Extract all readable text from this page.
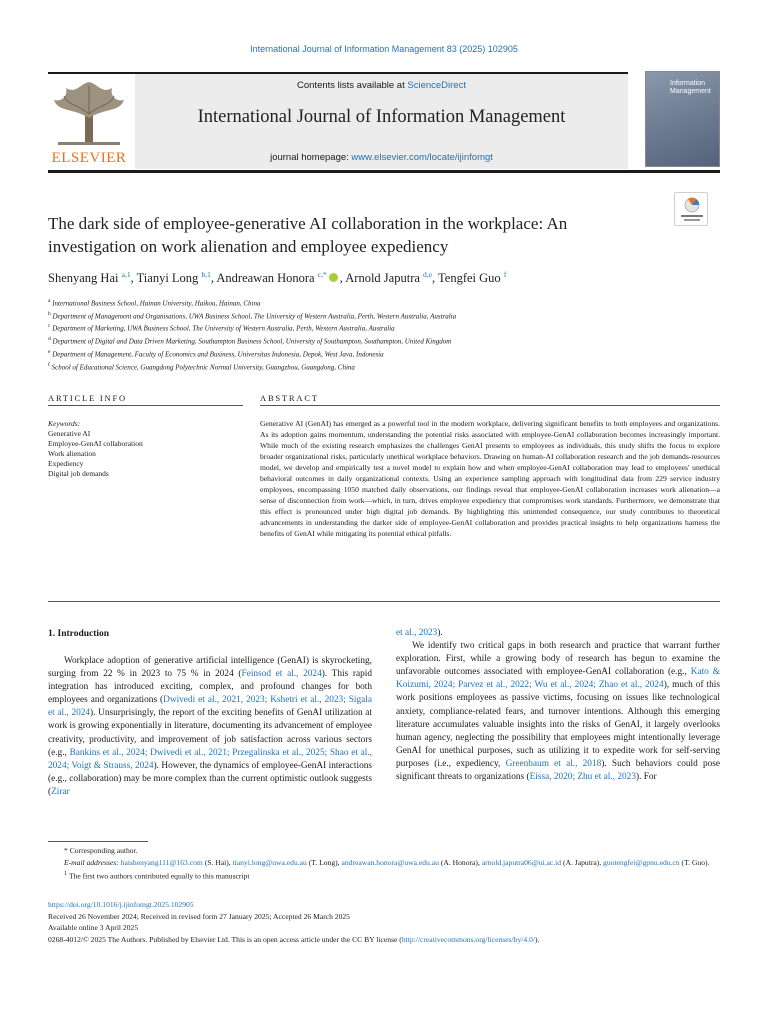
International Journal of Information Management 83 (2025) 102905
ELSEVIER
Contents lists available at ScienceDirect
International Journal of Information Management
journal homepage: www.elsevier.com/locate/ijinfomgt
Information Management
The dark side of employee-generative AI collaboration in the workplace: An investigation on work alienation and employee expediency
Shenyang Hai $^{a,1}$, Tianyi Long $^{b,1}$, Andreawan Honora $^{c,*}$ , Arnold Japutra $^{d,e}$, Tengfei Guo $^f$
$^a$ International Business School, Hainan University, Haikou, Hainan, China
$^b$ Department of Management and Organisations, UWA Business School, The University of Western Australia, Perth, Western Australia, Australia
$^c$ Department of Marketing, UWA Business School, The University of Western Australia, Perth, Western Australia, Australia
$^d$ Department of Digital and Data Driven Marketing, Southampton Business School, University of Southampton, Southampton, United Kingdom
$^e$ Department of Management, Faculty of Economics and Business, Universitas Indonesia, Depok, West Java, Indonesia
$^f$ School of Educational Science, Guangdong Polytechnic Normal University, Guangzhou, Guangdong, China
ARTICLE INFO	ABSTRACT
Keywords:
Generative AI
Employee-GenAI collaboration
Work alienation
Expediency
Digital job demands
Generative AI (GenAI) has emerged as a powerful tool in the modern workplace, delivering significant benefits to both employees and organizations. As its adoption gains momentum, understanding the potential risks associated with employee-GenAI collaboration becomes increasingly important. While much of the existing research emphasizes the challenges GenAI presents to employees as individuals, this study shifts the focus to explore broader organizational risks, particularly unethical workplace behaviors. Drawing on human-AI collaboration research and the job demands-resources model, we develop and empirically test a novel model to explain how and when employee-GenAI collaboration may lead to employees' unethical behavioral outcomes in daily organizational contexts. Using an experience sampling approach with longitudinal data from 229 service industry employees, encompassing 1050 matched daily observations, our findings reveal that employee-GenAI collaboration increases work alienation—a sense of disconnection from work—which, in turn, drives employee expediency that compromises work standards. Furthermore, we demonstrate that this effect is pronounced under high digital job demands. By highlighting this unintended consequence, our study contributes to theoretical advancements in understanding the darker side of employee-GenAI collaboration and provides practical insights to help organizations harness the benefits of GenAI while mitigating its potential ethical pitfalls.
1. Introduction
Workplace adoption of generative artificial intelligence (GenAI) is skyrocketing, surging from 22 % in 2023 to 75 % in 2024 (Feinsod et al., 2024). This rapid integration has introduced exciting, complex, and profound changes for both employees and organizations (Dwivedi et al., 2021, 2023; Kshetri et al., 2023; Sigala et al., 2024). Unsurprisingly, the report of the exciting benefits of GenAI utilization at work is growing exponentially in literature, documenting its advancement of employee creativity, productivity, and improvement of job satisfaction across various sectors (e.g., Bankins et al., 2024; Dwivedi et al., 2021; Przegalinska et al., 2025; Shao et al., 2024; Voigt & Strauss, 2024). However, the dynamics of employee-GenAI interactions (e.g., collaboration) may be more complex than the current optimistic outlook suggests (Zirar

et al., 2023).

We identify two critical gaps in both research and practice that warrant further exploration. First, while a growing body of research has begun to examine the unfavorable outcomes associated with employee-GenAI collaboration (e.g., Kato & Koizumi, 2024; Parvez et al., 2022; Wu et al., 2024; Zhao et al., 2024), much of this work positions employees as passive victims, focusing on issues like technological anxiety, compliance-related fears, and turnover intentions. Although this emerging literature accumulates valuable insights into the risks of GenAI, it largely overlooks human agency, neglecting the possibility that employees might intentionally leverage GenAI for unethical purposes, such as utilizing it to expedite work for self-serving purposes (i.e., expediency, Greenbaum et al., 2018). Such behaviors could pose significant threats to organizations (Eissa, 2020; Zhu et al., 2023). For

* Corresponding author.
E-mail addresses: haishenyang111@163.com (S. Hai), tianyi.long@uwa.edu.au (T. Long), andreawan.honora@uwa.edu.au (A. Honora), arnold.japutra06@ui.ac.id (A. Japutra), guotengfei@gpnu.edu.cn (T. Guo).
$^1$ The first two authors contributed equally to this manuscript
https://doi.org/10.1016/j.ijinfomgt.2025.102905
Received 26 November 2024; Received in revised form 27 January 2025; Accepted 26 March 2025
Available online 3 April 2025
0268-4012/© 2025 The Authors. Published by Elsevier Ltd. This is an open access article under the CC BY license (http://creativecommons.org/licenses/by/4.0/).
